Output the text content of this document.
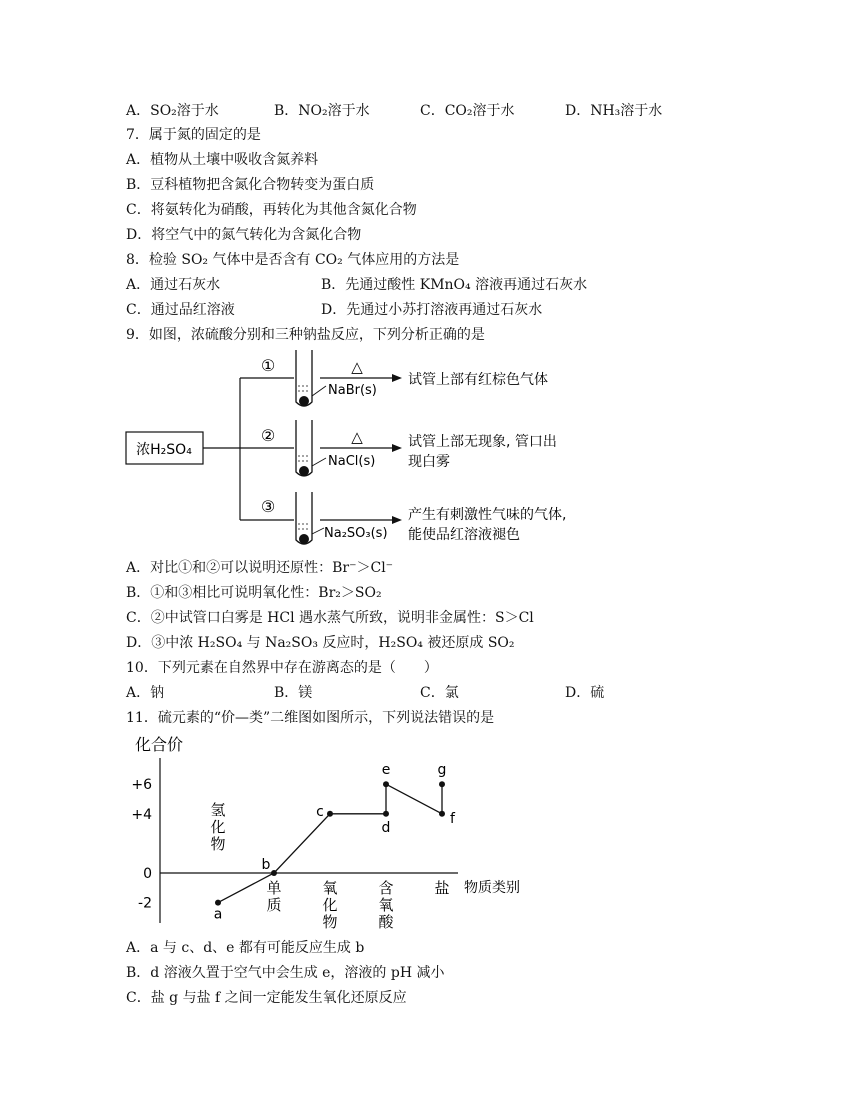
A．SO₂溶于水	B．NO₂溶于水	C．CO₂溶于水	D．NH₃溶于水
7．属于氮的固定的是
A．植物从土壤中吸收含氮养料
B．豆科植物把含氮化合物转变为蛋白质
C．将氨转化为硝酸，再转化为其他含氮化合物
D．将空气中的氮气转化为含氮化合物
8．检验 SO₂ 气体中是否含有 CO₂ 气体应用的方法是
A．通过石灰水	B．先通过酸性 KMnO₄ 溶液再通过石灰水
C．通过品红溶液	D．先通过小苏打溶液再通过石灰水
9．如图，浓硫酸分别和三种钠盐反应，下列分析正确的是
浓H₂SO₄
①
NaBr(s)
△
试管上部有红棕色气体
②
NaCl(s)
△	试管上部无现象, 管口出
现白雾
③
Na₂SO₃(s)
产生有刺激性气味的气体,
能使品红溶液褪色
A．对比①和②可以说明还原性：Br⁻＞Cl⁻
B．①和③相比可说明氧化性：Br₂＞SO₂
C．②中试管口白雾是 HCl 遇水蒸气所致，说明非金属性：S＞Cl
D．③中浓 H₂SO₄ 与 Na₂SO₃ 反应时，H₂SO₄ 被还原成 SO₂
10．下列元素在自然界中存在游离态的是（　　）
A．钠	B．镁	C．氯	D．硫
11．硫元素的“价—类”二维图如图所示，下列说法错误的是
化合价
+6
+4
0
-2
氢
化
物
单
质
氧
化
物
含
氧
酸
盐
a
b
c
d
e
f
g
物质类别
A．a 与 c、d、e 都有可能反应生成 b
B．d 溶液久置于空气中会生成 e，溶液的 pH 减小
C．盐 g 与盐 f 之间一定能发生氧化还原反应
